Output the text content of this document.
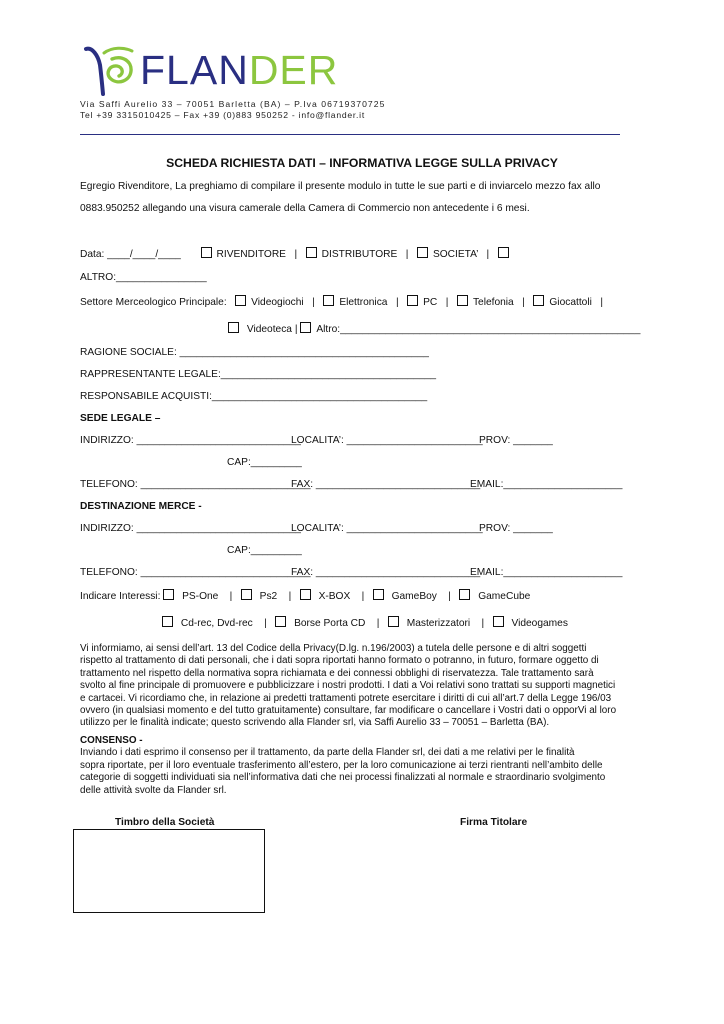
FLANDER
Via Saffi Aurelio 33 – 70051 Barletta (BA) – P.Iva 06719370725
Tel +39 3315010425 – Fax +39 (0)883 950252 - info@flander.it
SCHEDA RICHIESTA DATI – INFORMATIVA LEGGE SULLA PRIVACY
Egregio Rivenditore, La preghiamo di compilare il presente modulo in tutte le sue parti e di inviarcelo mezzo fax allo
0883.950252 allegando una visura camerale della Camera di Commercio non antecedente i 6 mesi.
Data: ____/____/____	RIVENDITORE | DISTRIBUTORE | SOCIETA’ |
ALTRO:________________
Settore Merceologico Principale: Videogiochi | Elettronica | PC | Telefonia | Giocattoli |
Videoteca | Altro:_____________________________________________________
RAGIONE SOCIALE: ____________________________________________
RAPPRESENTANTE LEGALE:______________________________________
RESPONSABILE ACQUISTI:______________________________________
SEDE LEGALE –
INDIRIZZO: _____________________________
LOCALITA’: ________________________
PROV: _______
CAP:_________
TELEFONO: ______________________________
FAX: _____________________________
EMAIL:_____________________
DESTINAZIONE MERCE -
INDIRIZZO: _____________________________
LOCALITA’: ________________________
PROV: _______
CAP:_________
TELEFONO: ______________________________
FAX: _____________________________
EMAIL:_____________________
Indicare Interessi: PS-One |	Ps2 |	X-BOX |	GameBoy |	GameCube
Cd-rec, Dvd-rec |	Borse Porta CD |	Masterizzatori |	Videogames
Vi informiamo, ai sensi dell’art. 13 del Codice della Privacy(D.lg. n.196/2003) a tutela delle persone e di altri soggetti
rispetto al trattamento di dati personali, che i dati sopra riportati hanno formato o potranno, in futuro, formare oggetto di
trattamento nel rispetto della normativa sopra richiamata e dei connessi obblighi di riservatezza. Tale trattamento sarà
svolto al fine principale di promuovere e pubblicizzare i nostri prodotti. I dati a Voi relativi sono trattati su supporti magnetici
e cartacei. Vi ricordiamo che, in relazione ai predetti trattamenti potrete esercitare i diritti di cui all’art.7 della Legge 196/03
ovvero (in qualsiasi momento e del tutto gratuitamente) consultare, far modificare o cancellare i Vostri dati o opporVi al loro
utilizzo per le finalità indicate; questo scrivendo alla Flander srl, via Saffi Aurelio 33 – 70051 – Barletta (BA).
CONSENSO -
Inviando i dati esprimo il consenso per il trattamento, da parte della Flander srl, dei dati a me relativi per le finalità
sopra riportate, per il loro eventuale trasferimento all’estero, per la loro comunicazione ai terzi rientranti nell’ambito delle
categorie di soggetti individuati sia nell’informativa dati che nei processi finalizzati al normale e straordinario svolgimento
delle attività svolte da Flander srl.
Timbro della Società	Firma Titolare
